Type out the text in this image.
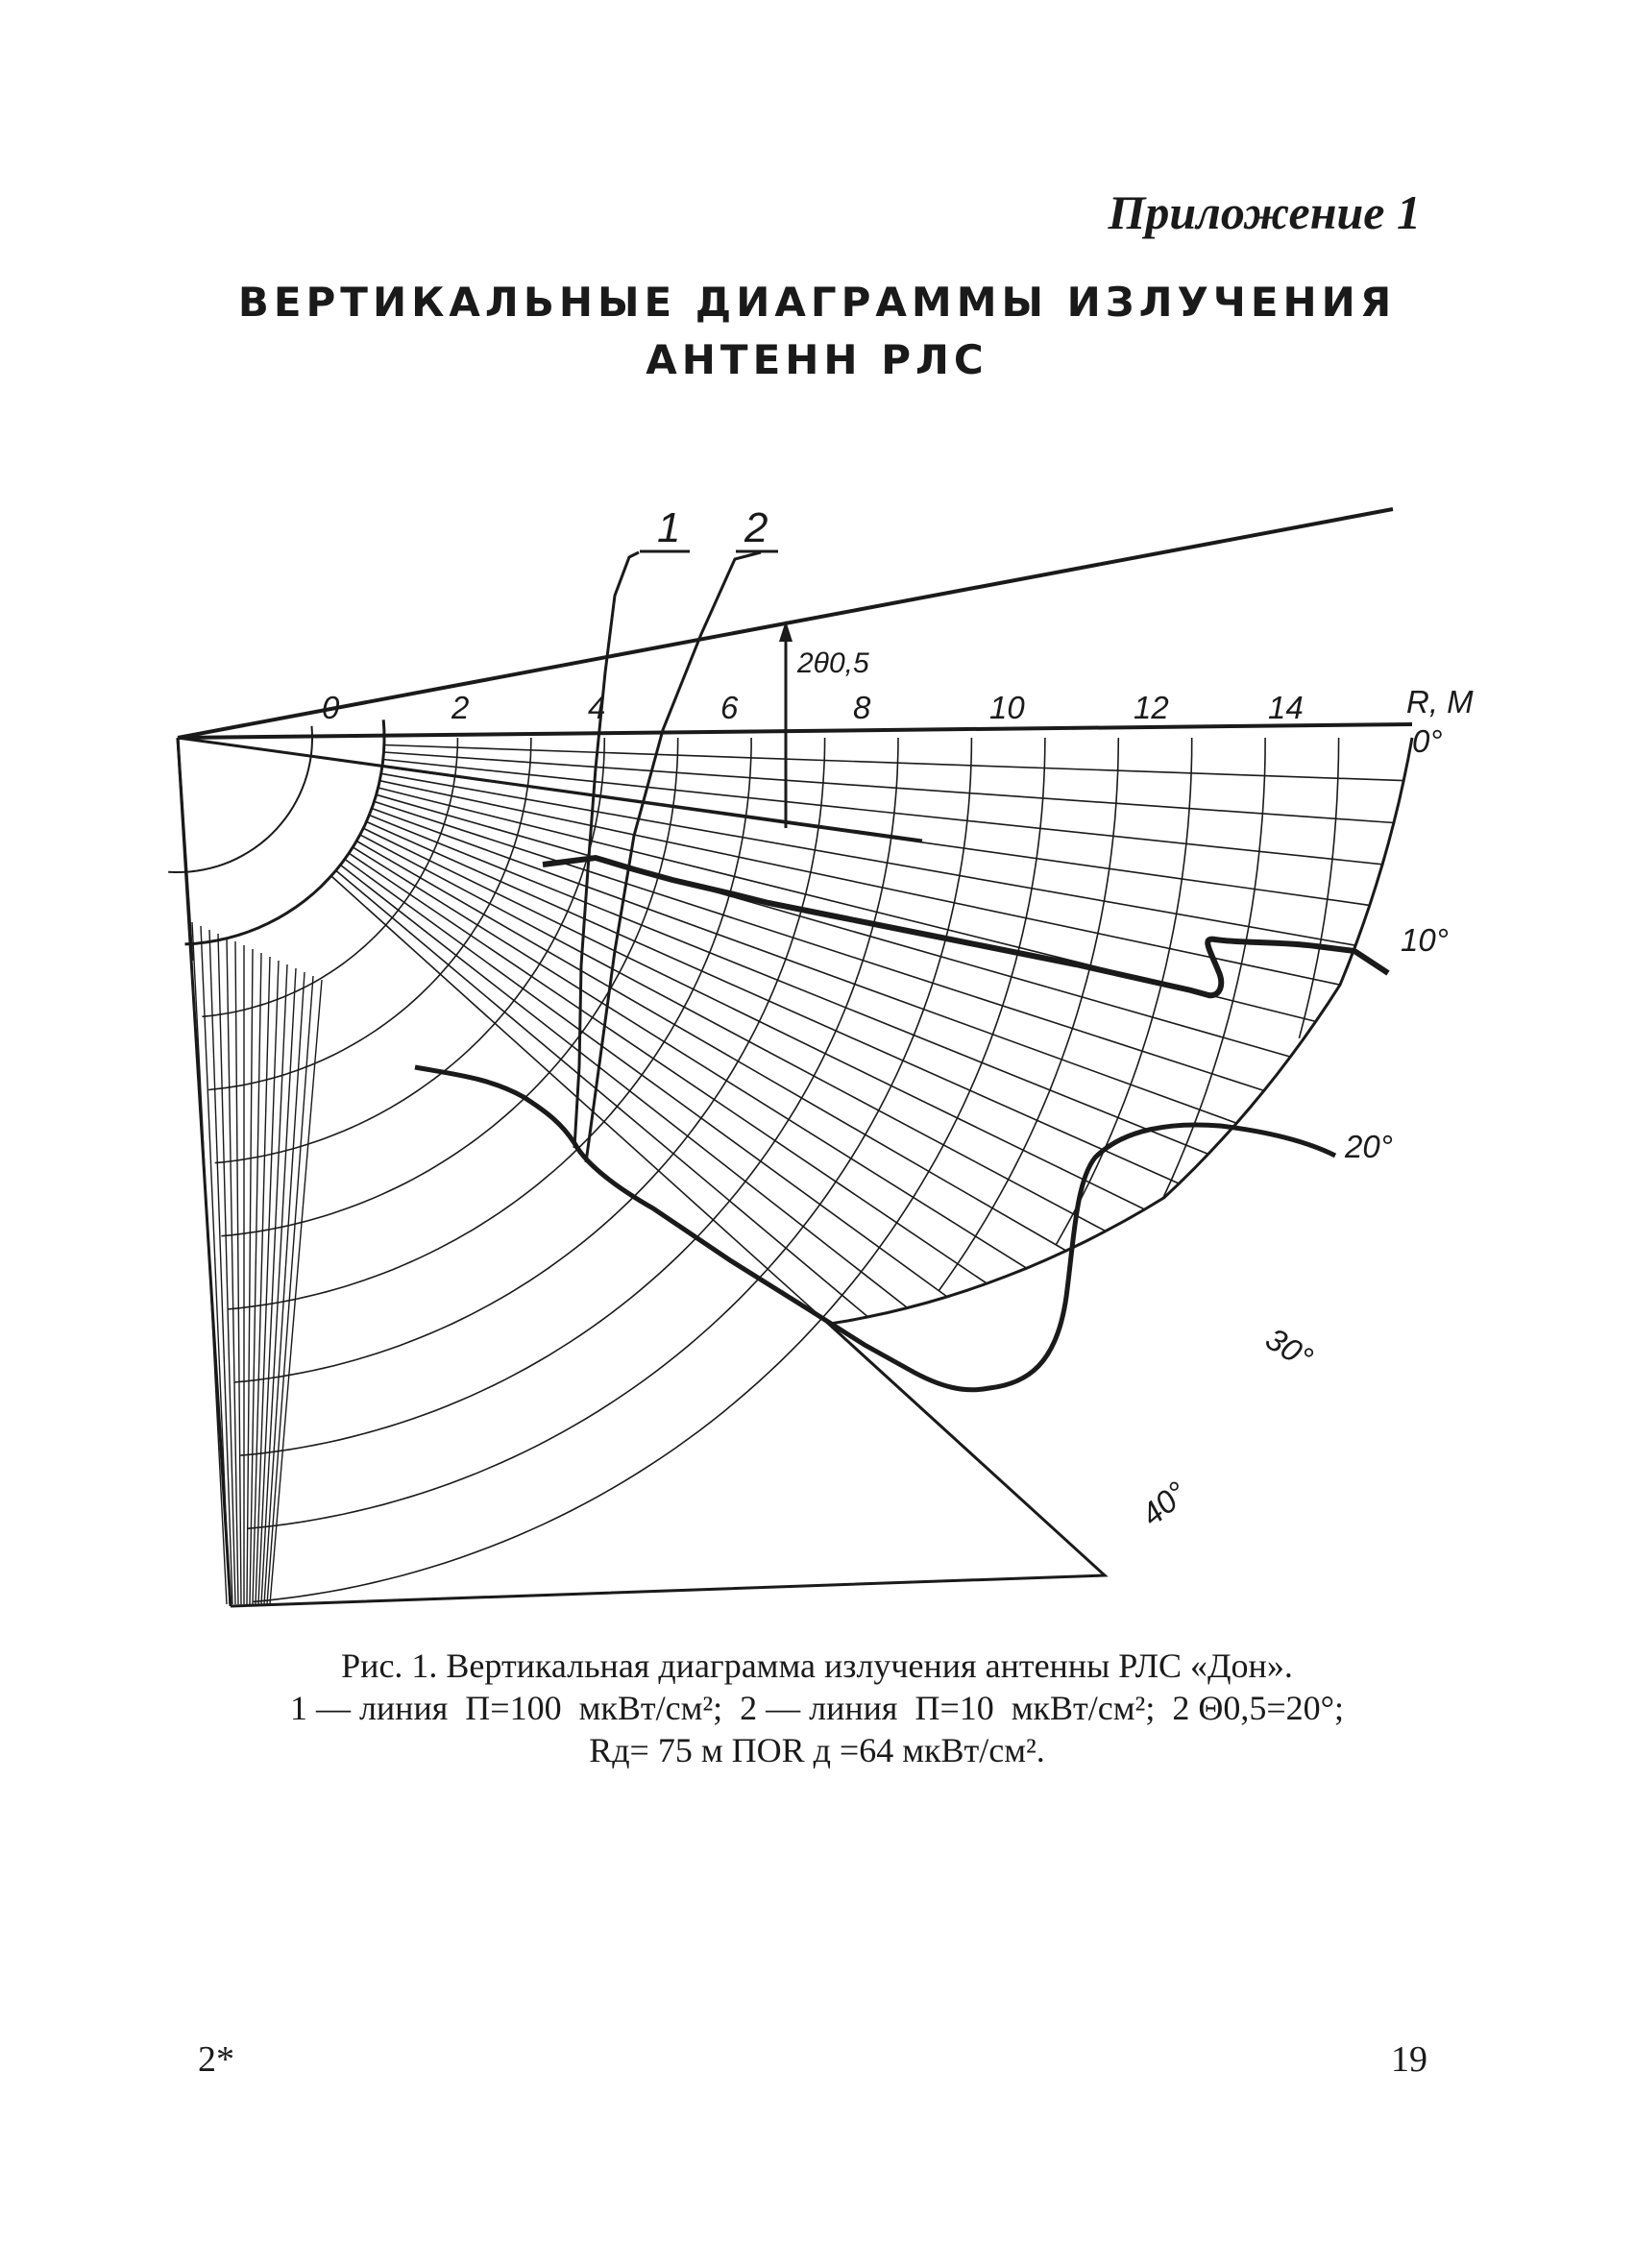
Приложение 1
ВЕРТИКАЛЬНЫЕ ДИАГРАММЫ ИЗЛУЧЕНИЯ
АНТЕНН РЛС
0	2	4	6	8	10	12	14
0°
10°
20°
30°
40°
R, M
2θ0,5
1 2
Рис. 1. Вертикальная диаграмма излучения антенны РЛС «Дон».
1 — линия  П=100  мкВт/см²;  2 — линия  П=10  мкВт/см²;  2 Θ0,5=20°;
Rд= 75 м ПOR д =64 мкВт/см².
2*	19
